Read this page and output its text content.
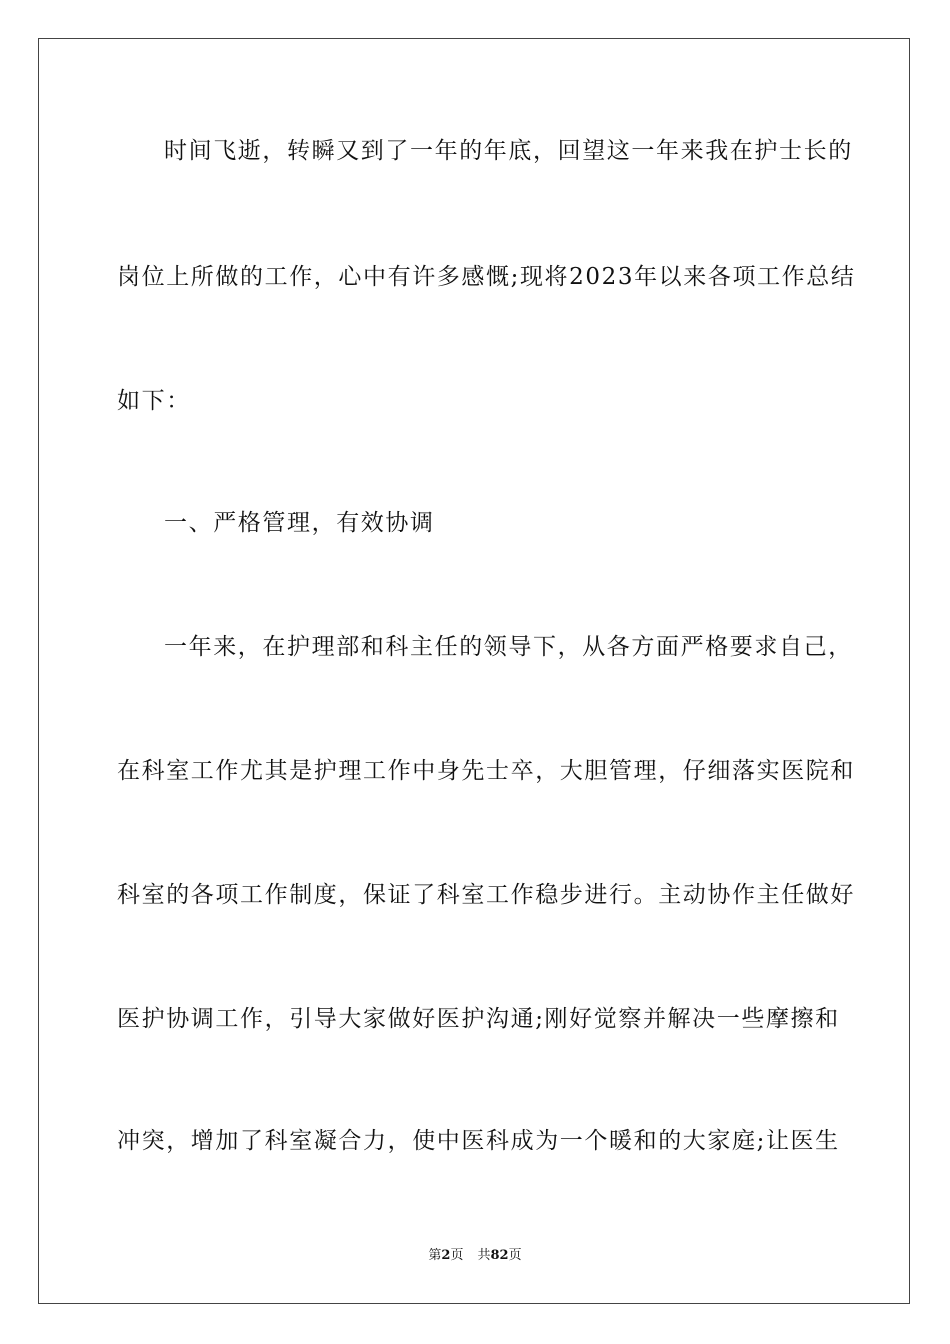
时间飞逝，转瞬又到了一年的年底，回望这一年来我在护士长的
岗位上所做的工作，心中有许多感慨;现将2023年以来各项工作总结
如下：
一、严格管理，有效协调
一年来，在护理部和科主任的领导下，从各方面严格要求自己，
在科室工作尤其是护理工作中身先士卒，大胆管理，仔细落实医院和
科室的各项工作制度，保证了科室工作稳步进行。主动协作主任做好
医护协调工作，引导大家做好医护沟通;刚好觉察并解决一些摩擦和
冲突，增加了科室凝合力，使中医科成为一个暖和的大家庭;让医生
第2页 共82页
